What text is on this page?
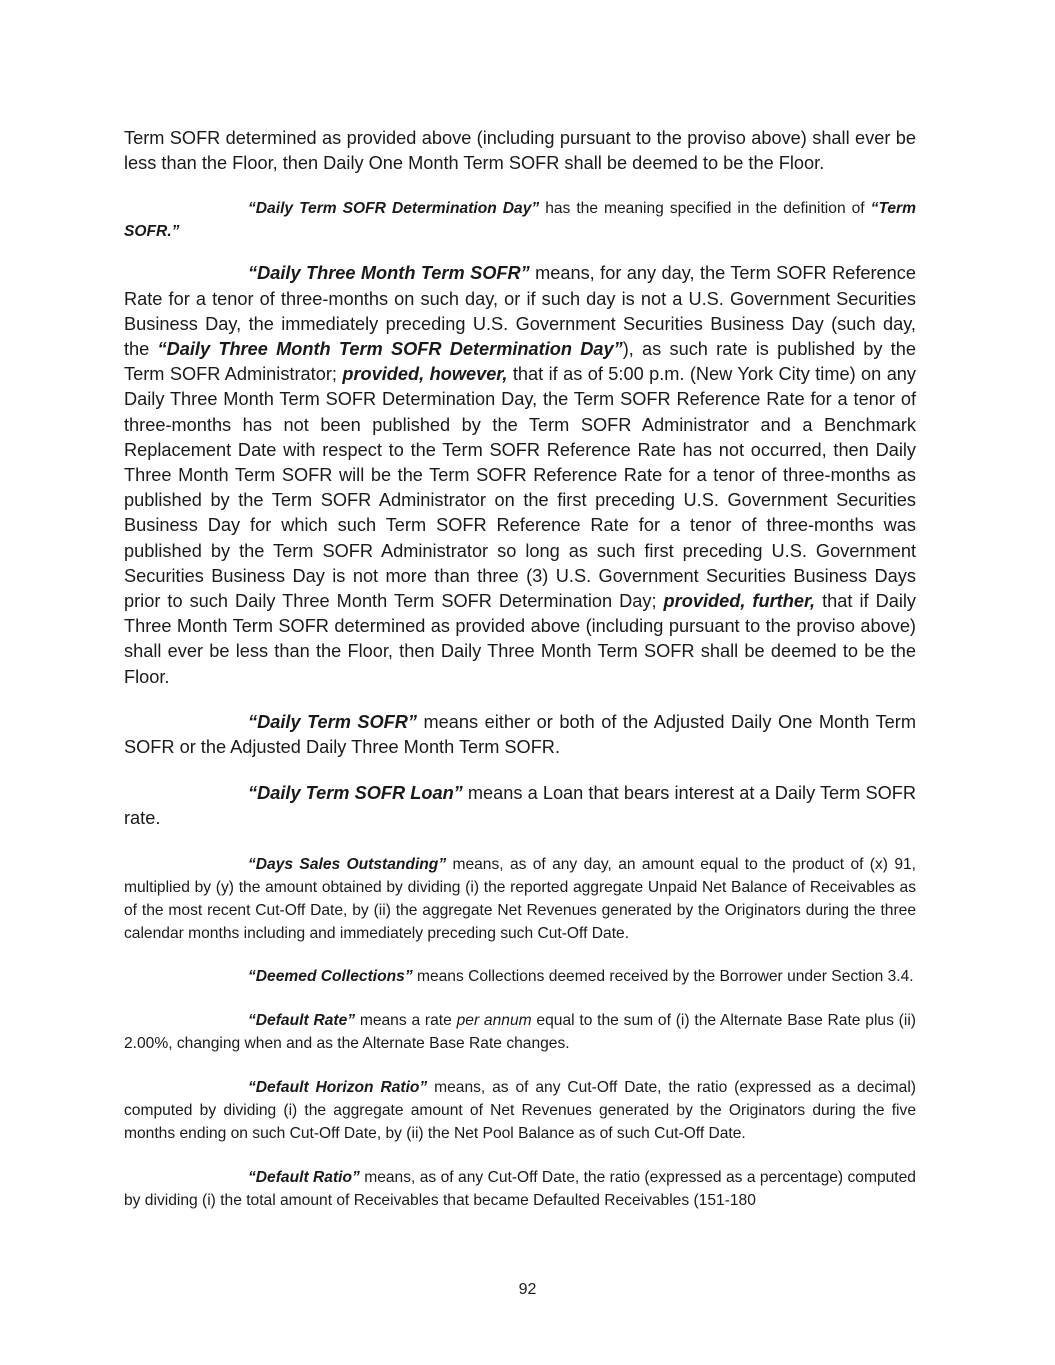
Term SOFR determined as provided above (including pursuant to the proviso above) shall ever be less than the Floor, then Daily One Month Term SOFR shall be deemed to be the Floor.

“Daily Term SOFR Determination Day” has the meaning specified in the definition of “Term SOFR.”

“Daily Three Month Term SOFR” means, for any day, the Term SOFR Reference Rate for a tenor of three-months on such day, or if such day is not a U.S. Government Securities Business Day, the immediately preceding U.S. Government Securities Business Day (such day, the “Daily Three Month Term SOFR Determination Day”), as such rate is published by the Term SOFR Administrator; provided, however, that if as of 5:00 p.m. (New York City time) on any Daily Three Month Term SOFR Determination Day, the Term SOFR Reference Rate for a tenor of three-months has not been published by the Term SOFR Administrator and a Benchmark Replacement Date with respect to the Term SOFR Reference Rate has not occurred, then Daily Three Month Term SOFR will be the Term SOFR Reference Rate for a tenor of three-months as published by the Term SOFR Administrator on the first preceding U.S. Government Securities Business Day for which such Term SOFR Reference Rate for a tenor of three-months was published by the Term SOFR Administrator so long as such first preceding U.S. Government Securities Business Day is not more than three (3) U.S. Government Securities Business Days prior to such Daily Three Month Term SOFR Determination Day; provided, further, that if Daily Three Month Term SOFR determined as provided above (including pursuant to the proviso above) shall ever be less than the Floor, then Daily Three Month Term SOFR shall be deemed to be the Floor.

“Daily Term SOFR” means either or both of the Adjusted Daily One Month Term SOFR or the Adjusted Daily Three Month Term SOFR.

“Daily Term SOFR Loan” means a Loan that bears interest at a Daily Term SOFR rate.

“Days Sales Outstanding” means, as of any day, an amount equal to the product of (x) 91, multiplied by (y) the amount obtained by dividing (i) the reported aggregate Unpaid Net Balance of Receivables as of the most recent Cut-Off Date, by (ii) the aggregate Net Revenues generated by the Originators during the three calendar months including and immediately preceding such Cut-Off Date.

“Deemed Collections” means Collections deemed received by the Borrower under Section 3.4.

“Default Rate” means a rate per annum equal to the sum of (i) the Alternate Base Rate plus (ii) 2.00%, changing when and as the Alternate Base Rate changes.

“Default Horizon Ratio” means, as of any Cut-Off Date, the ratio (expressed as a decimal) computed by dividing (i) the aggregate amount of Net Revenues generated by the Originators during the five months ending on such Cut-Off Date, by (ii) the Net Pool Balance as of such Cut-Off Date.

“Default Ratio” means, as of any Cut-Off Date, the ratio (expressed as a percentage) computed by dividing (i) the total amount of Receivables that became Defaulted Receivables (151-180

92
